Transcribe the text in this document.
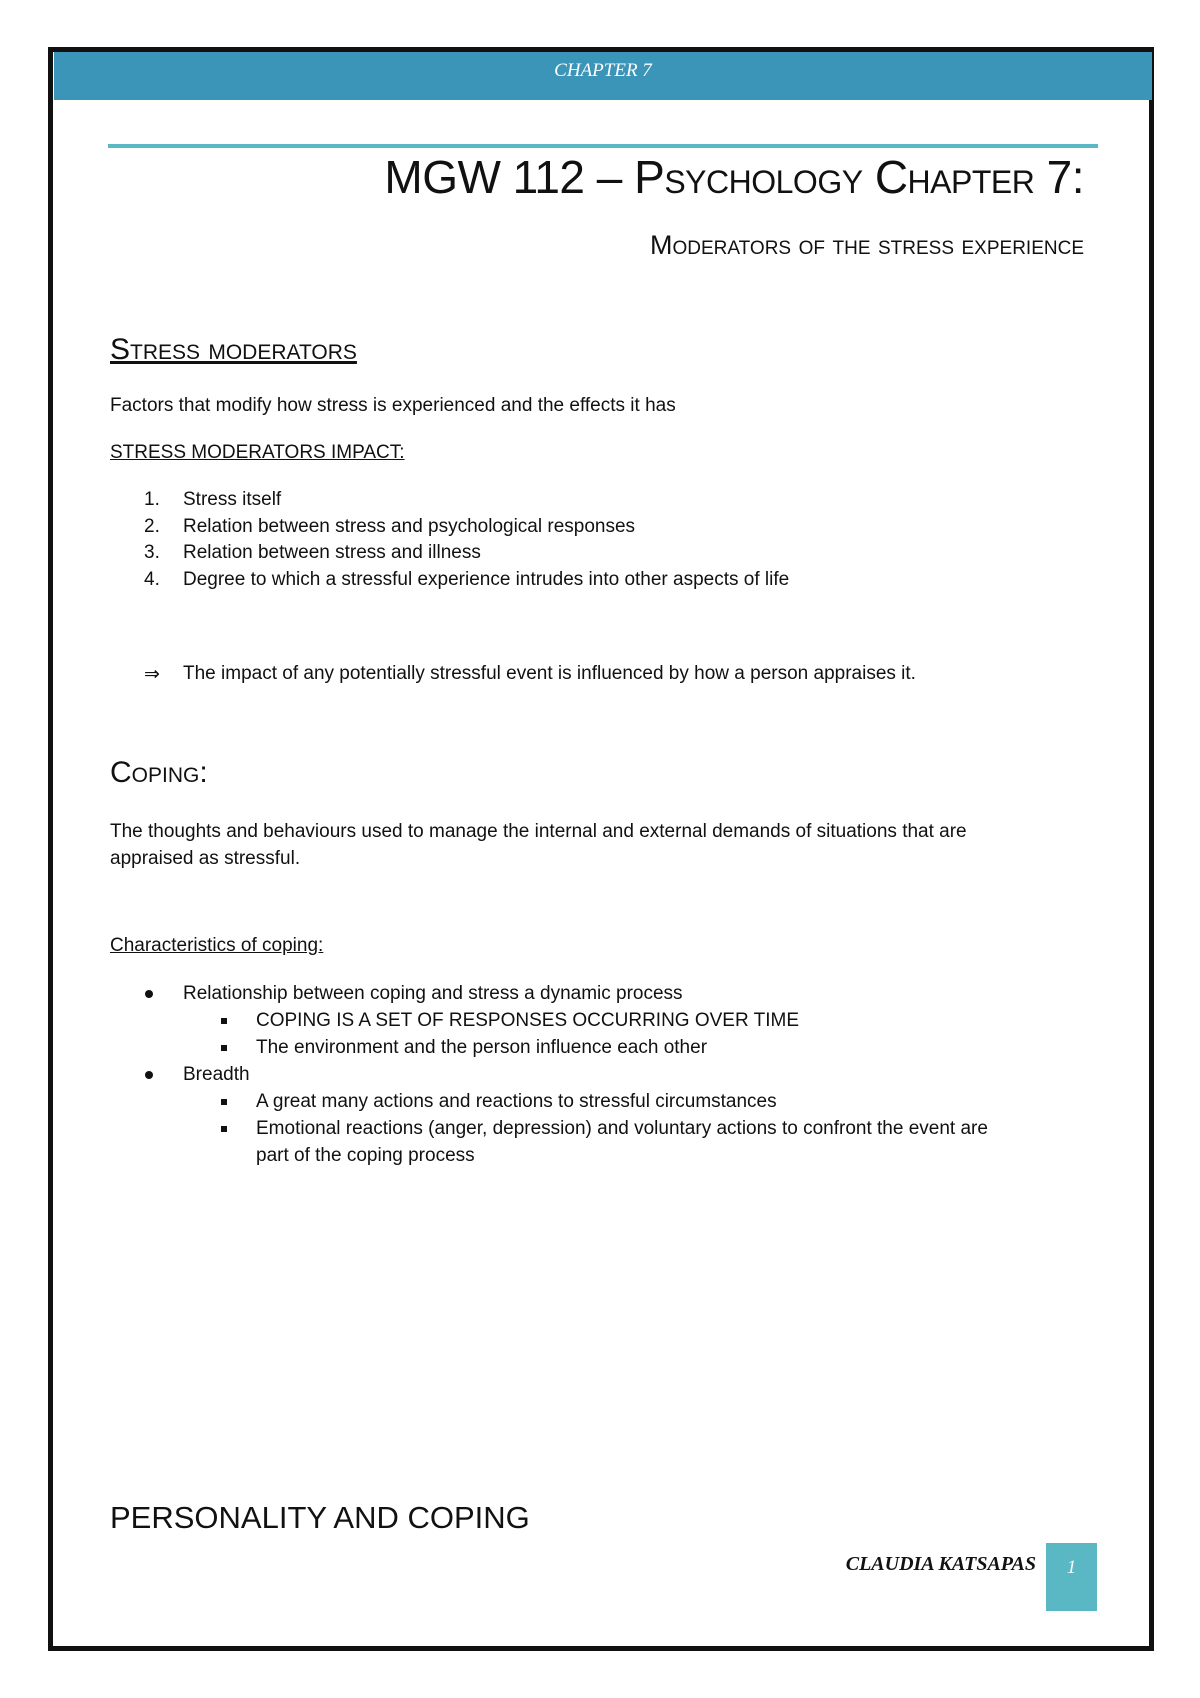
CHAPTER 7
MGW 112 – Psychology Chapter 7:
Moderators of the stress experience
Stress moderators

Factors that modify how stress is experienced and the effects it has

STRESS MODERATORS IMPACT:

1. Stress itself
2. Relation between stress and psychological responses
3. Relation between stress and illness
4. Degree to which a stressful experience intrudes into other aspects of life
⇒ The impact of any potentially stressful event is influenced by how a person appraises it.
Coping:

The thoughts and behaviours used to manage the internal and external demands of situations that are

appraised as stressful.

Characteristics of coping:

Relationship between coping and stress a dynamic process
COPING IS A SET OF RESPONSES OCCURRING OVER TIME
The environment and the person influence each other
Breadth
A great many actions and reactions to stressful circumstances
Emotional reactions (anger, depression) and voluntary actions to confront the event are part of the coping process
PERSONALITY AND COPING
CLAUDIA KATSAPAS	1
